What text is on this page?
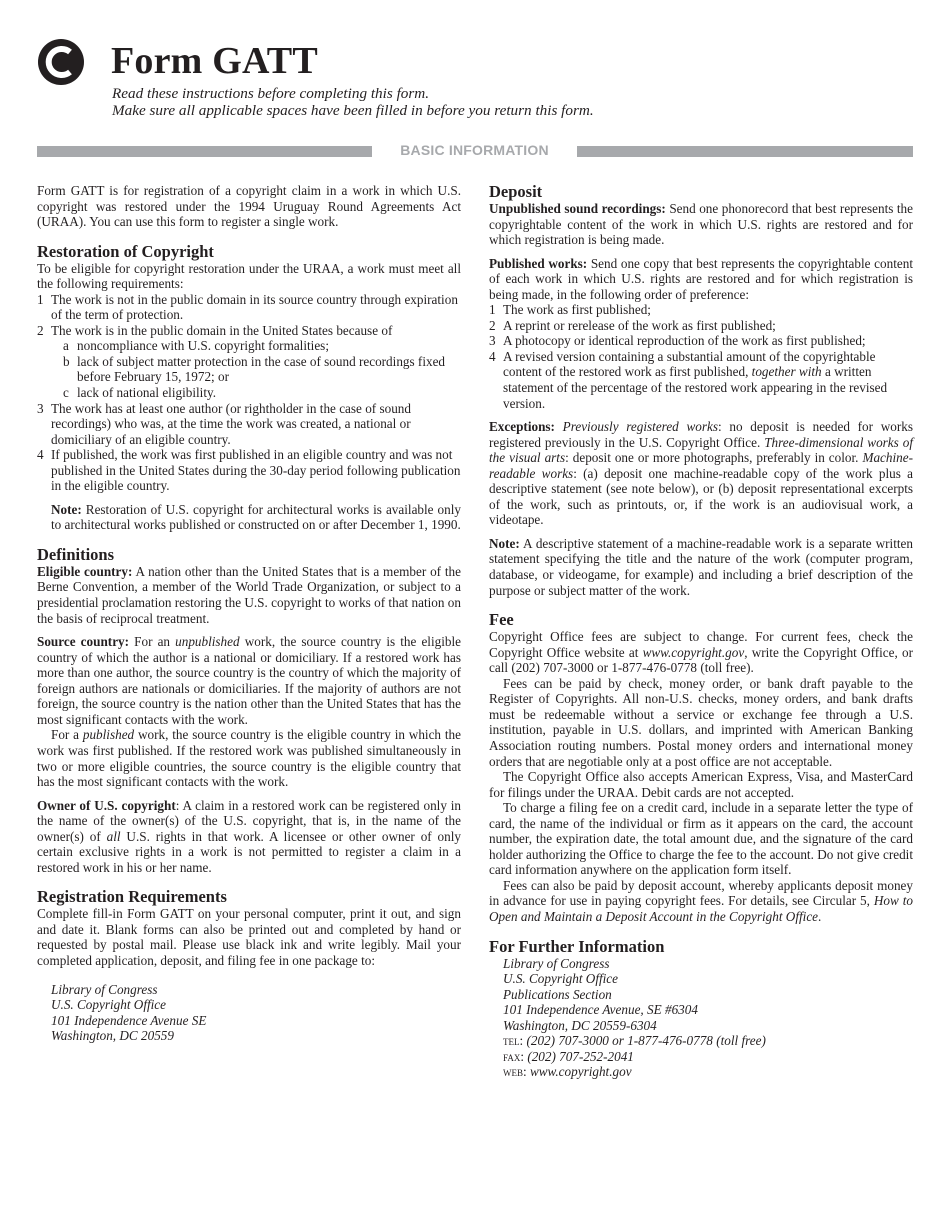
Form GATT
Read these instructions before completing this form.
Make sure all applicable spaces have been filled in before you return this form.
BASIC INFORMATION

Form GATT is for registration of a copyright claim in a work in which U.S. copyright was restored under the 1994 Uruguay Round Agreements Act (URAA). You can use this form to register a single work.

Restoration of Copyright

To be eligible for copyright restoration under the URAA, a work must meet all the following requirements:

1 The work is not in the public domain in its source country through expiration of the term of protection.
2 The work is in the public domain in the United States because of
a noncompliance with U.S. copyright formalities;
b lack of subject matter protection in the case of sound recordings fixed before February 15, 1972; or
c lack of national eligibility.
3 The work has at least one author (or rightholder in the case of sound recordings) who was, at the time the work was created, a national or domiciliary of an eligible country.
4 If published, the work was first published in an eligible country and was not published in the United States during the 30-day period following publication in the eligible country.

Note: Restoration of U.S. copyright for architectural works is available only to architectural works published or constructed on or after December 1, 1990.

Definitions

Eligible country: A nation other than the United States that is a member of the Berne Convention, a member of the World Trade Organization, or subject to a presidential proclamation restoring the U.S. copyright to works of that nation on the basis of reciprocal treatment.

Source country: For an unpublished work, the source country is the eligible country of which the author is a national or domiciliary. If a restored work has more than one author, the source country is the country of which the majority of foreign authors are nationals or domiciliaries. If the majority of authors are not foreign, the source country is the nation other than the United States that has the most significant contacts with the work.

For a published work, the source country is the eligible country in which the work was first published. If the restored work was published simultaneously in two or more eligible countries, the source country is the eligible country that has the most significant contacts with the work.

Owner of U.S. copyright: A claim in a restored work can be registered only in the name of the owner(s) of the U.S. copyright, that is, in the name of the owner(s) of all U.S. rights in that work. A licensee or other owner of only certain exclusive rights in a work is not permitted to register a claim in a restored work in his or her name.

Registration Requirements

Complete fill-in Form GATT on your personal computer, print it out, and sign and date it. Blank forms can also be printed out and completed by hand or requested by postal mail. Please use black ink and write legibly. Mail your completed application, deposit, and filing fee in one package to:

Library of Congress
U.S. Copyright Office
101 Independence Avenue SE
Washington, DC 20559
Deposit

Unpublished sound recordings: Send one phonorecord that best represents the copyrightable content of the work in which U.S. rights are restored and for which registration is being made.

Published works: Send one copy that best represents the copyrightable content of each work in which U.S. rights are restored and for which registration is being made, in the following order of preference:

1 The work as first published;
2 A reprint or rerelease of the work as first published;
3 A photocopy or identical reproduction of the work as first published;
4 A revised version containing a substantial amount of the copyrightable content of the restored work as first published, together with a written statement of the percentage of the restored work appearing in the revised version.

Exceptions: Previously registered works: no deposit is needed for works registered previously in the U.S. Copyright Office. Three-dimensional works of the visual arts: deposit one or more photographs, preferably in color. Machine-readable works: (a) deposit one machine-readable copy of the work plus a descriptive statement (see note below), or (b) deposit representational excerpts of the work, such as printouts, or, if the work is an audiovisual work, a videotape.

Note: A descriptive statement of a machine-readable work is a separate written statement specifying the title and the nature of the work (computer program, database, or videogame, for example) and including a brief description of the purpose or subject matter of the work.

Fee

Copyright Office fees are subject to change. For current fees, check the Copyright Office website at www.copyright.gov, write the Copyright Office, or call (202) 707-3000 or 1-877-476-0778 (toll free).

Fees can be paid by check, money order, or bank draft payable to the Register of Copyrights. All non-U.S. checks, money orders, and bank drafts must be redeemable without a service or exchange fee through a U.S. institution, payable in U.S. dollars, and imprinted with American Banking Association routing numbers. Postal money orders and international money orders that are negotiable only at a post office are not acceptable.

The Copyright Office also accepts American Express, Visa, and MasterCard for filings under the URAA. Debit cards are not accepted.

To charge a filing fee on a credit card, include in a separate letter the type of card, the name of the individual or firm as it appears on the card, the account number, the expiration date, the total amount due, and the signature of the card holder authorizing the Office to charge the fee to the account. Do not give credit card information anywhere on the application form itself.

Fees can also be paid by deposit account, whereby applicants deposit money in advance for use in paying copyright fees. For details, see Circular 5, How to Open and Maintain a Deposit Account in the Copyright Office.

For Further Information
Library of Congress
U.S. Copyright Office
Publications Section
101 Independence Avenue, SE #6304
Washington, DC 20559-6304
tel: (202) 707-3000 or 1-877-476-0778 (toll free)
fax: (202) 707-252-2041
web: www.copyright.gov
